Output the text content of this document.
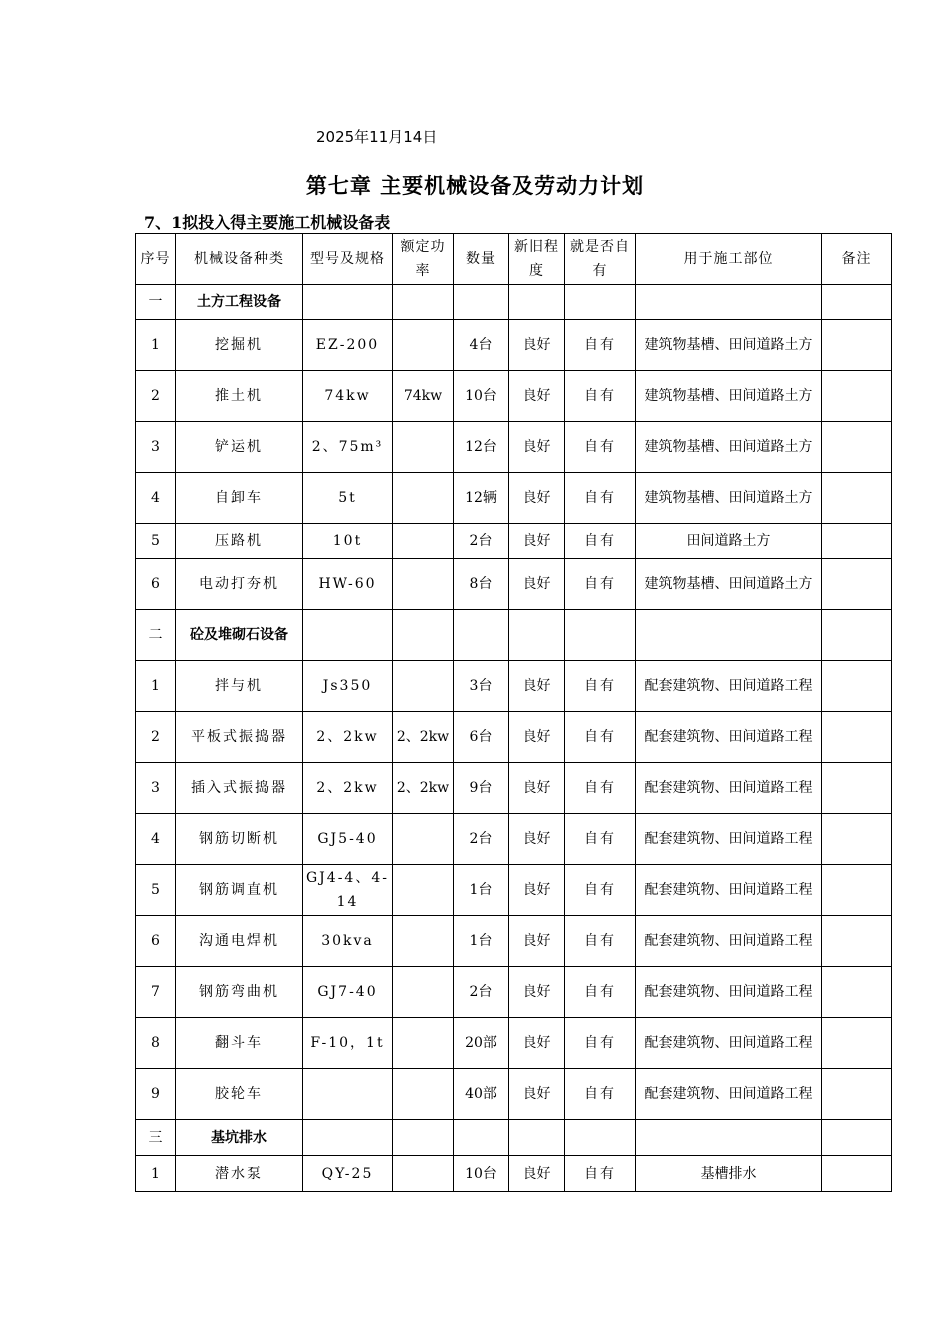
2025年11月14日
第七章 主要机械设备及劳动力计划
7、1拟投入得主要施工机械设备表
序号	机械设备种类	型号及规格	额定功率	数量	新旧程度	就是否自有	用于施工部位	备注
一	土方工程设备							
1	挖掘机	EZ-200		4台	良好	自有	建筑物基槽、田间道路土方	
2	推土机	74kw	74kw	10台	良好	自有	建筑物基槽、田间道路土方	
3	铲运机	2、75m³		12台	良好	自有	建筑物基槽、田间道路土方	
4	自卸车	5t		12辆	良好	自有	建筑物基槽、田间道路土方	
5	压路机	10t		2台	良好	自有	田间道路土方	
6	电动打夯机	HW-60		8台	良好	自有	建筑物基槽、田间道路土方	
二	砼及堆砌石设备							
1	拌与机	Js350		3台	良好	自有	配套建筑物、田间道路工程	
2	平板式振捣器	2、2kw	2、2kw	6台	良好	自有	配套建筑物、田间道路工程	
3	插入式振捣器	2、2kw	2、2kw	9台	良好	自有	配套建筑物、田间道路工程	
4	钢筋切断机	GJ5-40		2台	良好	自有	配套建筑物、田间道路工程	
5	钢筋调直机	GJ4-4、4-14		1台	良好	自有	配套建筑物、田间道路工程	
6	沟通电焊机	30kva		1台	良好	自有	配套建筑物、田间道路工程	
7	钢筋弯曲机	GJ7-40		2台	良好	自有	配套建筑物、田间道路工程	
8	翻斗车	F-10，1t		20部	良好	自有	配套建筑物、田间道路工程	
9	胶轮车			40部	良好	自有	配套建筑物、田间道路工程	
三	基坑排水							
1	潜水泵	QY-25		10台	良好	自有	基槽排水	
